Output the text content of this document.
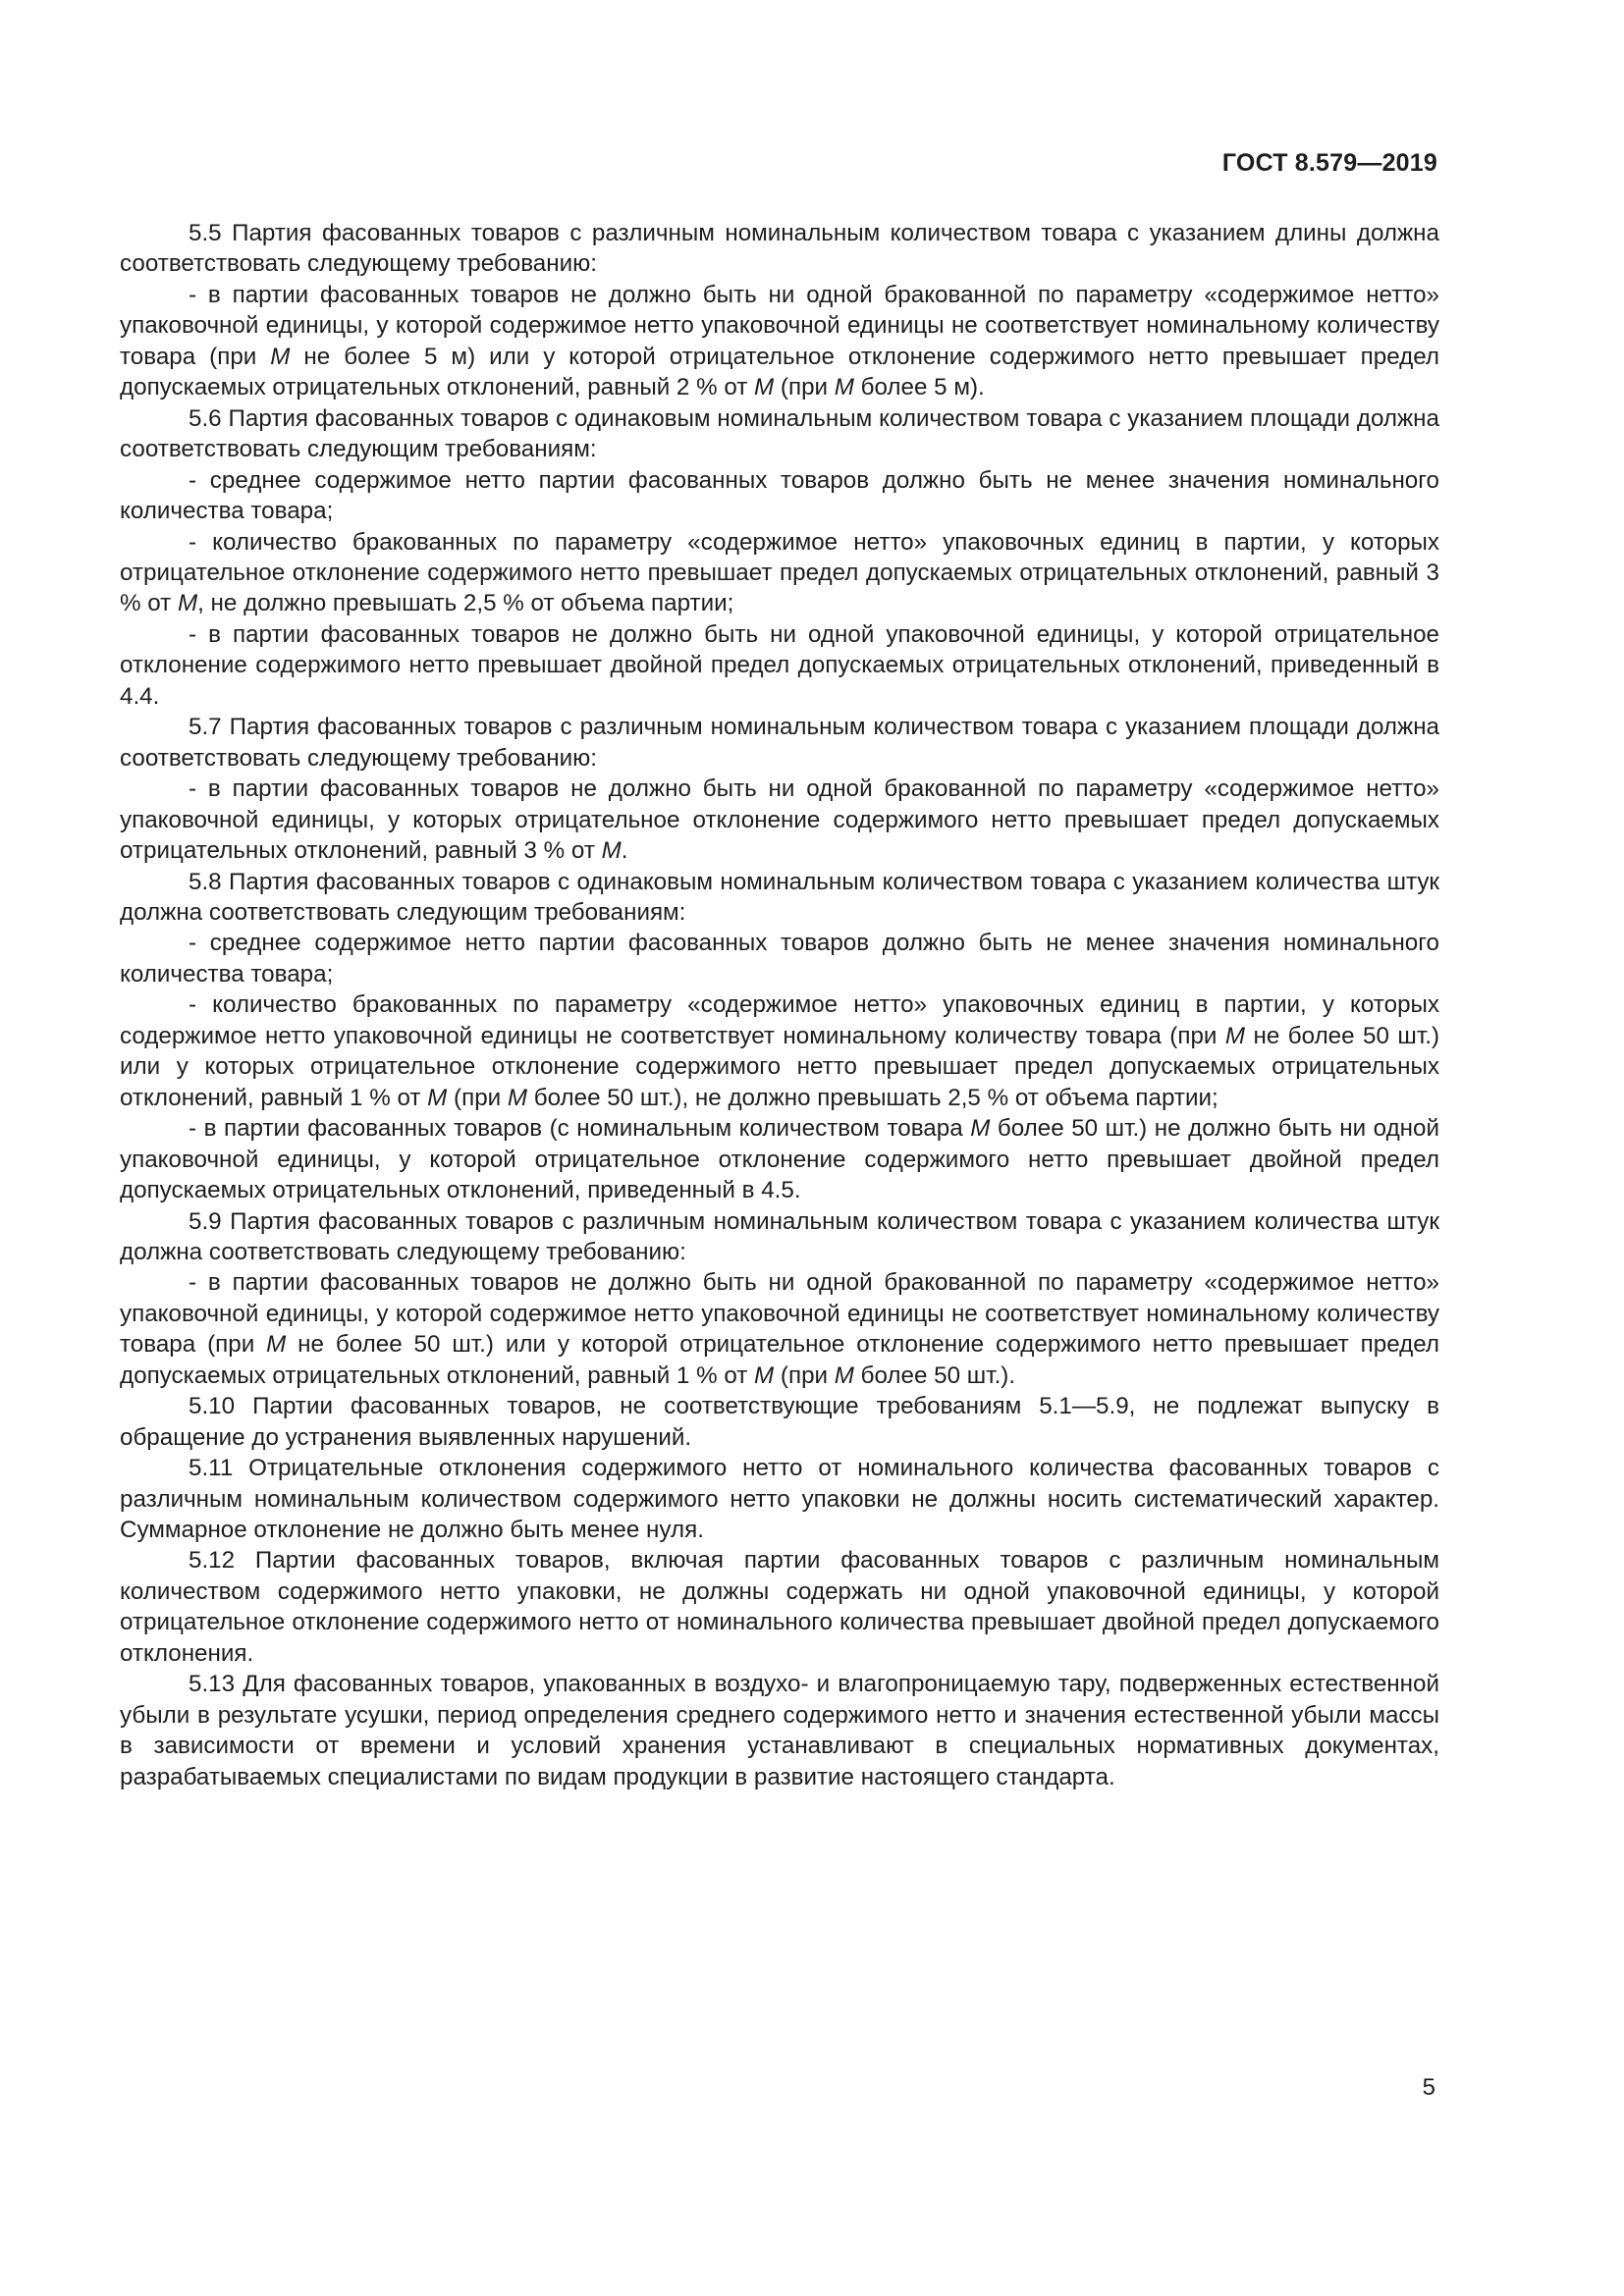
ГОСТ 8.579—2019

5.5 Партия фасованных товаров с различным номинальным количеством товара с указанием длины должна соответствовать следующему требованию:

- в партии фасованных товаров не должно быть ни одной бракованной по параметру «содержимое нетто» упаковочной единицы, у которой содержимое нетто упаковочной единицы не соответствует номинальному количеству товара (при М не более 5 м) или у которой отрицательное отклонение содержимого нетто превышает предел допускаемых отрицательных отклонений, равный 2 % от М (при М более 5 м).

5.6 Партия фасованных товаров с одинаковым номинальным количеством товара с указанием площади должна соответствовать следующим требованиям:

- среднее содержимое нетто партии фасованных товаров должно быть не менее значения номинального количества товара;

- количество бракованных по параметру «содержимое нетто» упаковочных единиц в партии, у которых отрицательное отклонение содержимого нетто превышает предел допускаемых отрицательных отклонений, равный 3 % от М, не должно превышать 2,5 % от объема партии;

- в партии фасованных товаров не должно быть ни одной упаковочной единицы, у которой отрицательное отклонение содержимого нетто превышает двойной предел допускаемых отрицательных отклонений, приведенный в 4.4.

5.7 Партия фасованных товаров с различным номинальным количеством товара с указанием площади должна соответствовать следующему требованию:

- в партии фасованных товаров не должно быть ни одной бракованной по параметру «содержимое нетто» упаковочной единицы, у которых отрицательное отклонение содержимого нетто превышает предел допускаемых отрицательных отклонений, равный 3 % от М.

5.8 Партия фасованных товаров с одинаковым номинальным количеством товара с указанием количества штук должна соответствовать следующим требованиям:

- среднее содержимое нетто партии фасованных товаров должно быть не менее значения номинального количества товара;

- количество бракованных по параметру «содержимое нетто» упаковочных единиц в партии, у которых содержимое нетто упаковочной единицы не соответствует номинальному количеству товара (при М не более 50 шт.) или у которых отрицательное отклонение содержимого нетто превышает предел допускаемых отрицательных отклонений, равный 1 % от М (при М более 50 шт.), не должно превышать 2,5 % от объема партии;

- в партии фасованных товаров (с номинальным количеством товара М более 50 шт.) не должно быть ни одной упаковочной единицы, у которой отрицательное отклонение содержимого нетто превышает двойной предел допускаемых отрицательных отклонений, приведенный в 4.5.

5.9 Партия фасованных товаров с различным номинальным количеством товара с указанием количества штук должна соответствовать следующему требованию:

- в партии фасованных товаров не должно быть ни одной бракованной по параметру «содержимое нетто» упаковочной единицы, у которой содержимое нетто упаковочной единицы не соответствует номинальному количеству товара (при М не более 50 шт.) или у которой отрицательное отклонение содержимого нетто превышает предел допускаемых отрицательных отклонений, равный 1 % от М (при М более 50 шт.).

5.10 Партии фасованных товаров, не соответствующие требованиям 5.1—5.9, не подлежат выпуску в обращение до устранения выявленных нарушений.

5.11 Отрицательные отклонения содержимого нетто от номинального количества фасованных товаров с различным номинальным количеством содержимого нетто упаковки не должны носить систематический характер. Суммарное отклонение не должно быть менее нуля.

5.12 Партии фасованных товаров, включая партии фасованных товаров с различным номинальным количеством содержимого нетто упаковки, не должны содержать ни одной упаковочной единицы, у которой отрицательное отклонение содержимого нетто от номинального количества превышает двойной предел допускаемого отклонения.

5.13 Для фасованных товаров, упакованных в воздухо- и влагопроницаемую тару, подверженных естественной убыли в результате усушки, период определения среднего содержимого нетто и значения естественной убыли массы в зависимости от времени и условий хранения устанавливают в специальных нормативных документах, разрабатываемых специалистами по видам продукции в развитие настоящего стандарта.

5
